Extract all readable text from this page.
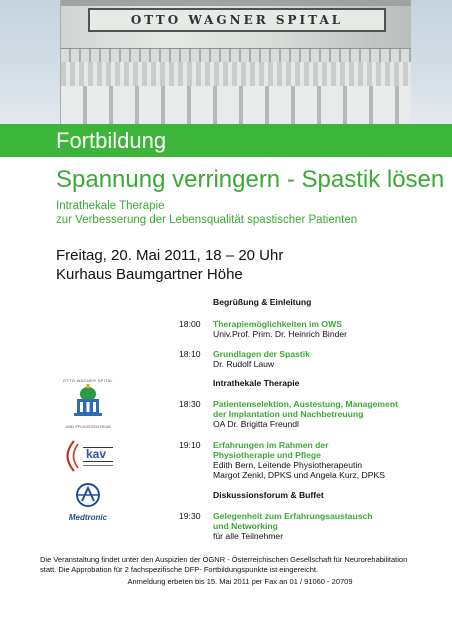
OTTO WAGNER SPITAL
Fortbildung
Spannung verringern - Spastik lösen
Intrathekale Therapie
zur Verbesserung der Lebensqualität spastischer Patienten
Freitag, 20. Mai 2011, 18 – 20 Uhr
Kurhaus Baumgartner Höhe
Begrüßung & Einleitung
18:00	Therapiemöglichkeiten im OWS
Univ.Prof. Prim. Dr. Heinrich Binder
18:10	Grundlagen der Spastik
Dr. Rudolf Lauw
Intrathekale Therapie
18:30	Patientenselektion, Austestung, Management
der Implantation und Nachbetreuung
OA Dr. Brigitta Freundl
19:10	Erfahrungen im Rahmen der
Physiotherapie und Pflege
Edith Bern, Leitende Physiotherapeutin
Margot Zenkl, DPKS und Angela Kurz, DPKS
Diskussionsforum & Buffet
19:30	Gelegenheit zum Erfahrungsaustausch
und Networking
für alle Teilnehmer
OTTO WAGNER SPITAL
UND PFLEGEZENTRUM
kav
Medtronic
Die Veranstaltung findet unter den Auspizien der ÖGNR - Österreichischen Gesellschaft für Neurorehabilitation
statt. Die Approbation für 2 fachspezifische DFP- Fortbildungspunkte ist eingereicht.
Anmeldung erbeten bis 15. Mai 2011 per Fax an 01 / 91060 - 20709
